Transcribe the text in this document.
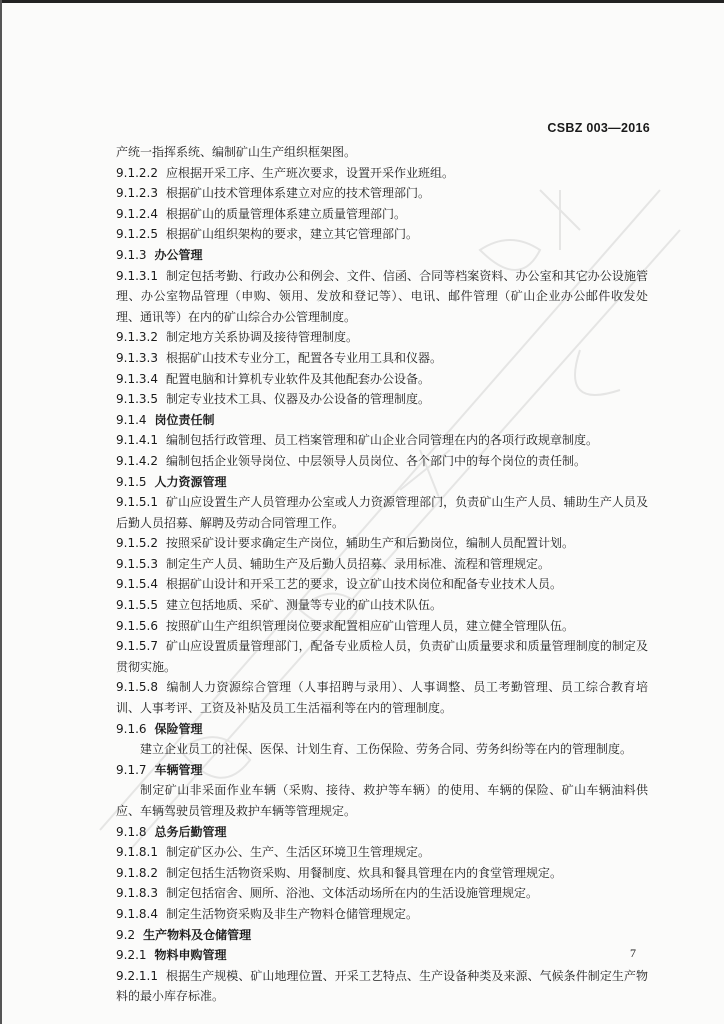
CSBZ 003—2016

产统一指挥系统、编制矿山生产组织框架图。

9.1.2.2 应根据开采工序、生产班次要求，设置开采作业班组。

9.1.2.3 根据矿山技术管理体系建立对应的技术管理部门。

9.1.2.4 根据矿山的质量管理体系建立质量管理部门。

9.1.2.5 根据矿山组织架构的要求，建立其它管理部门。

9.1.3 办公管理

9.1.3.1 制定包括考勤、行政办公和例会、文件、信函、合同等档案资料、办公室和其它办公设施管理、办公室物品管理（申购、领用、发放和登记等）、电讯、邮件管理（矿山企业办公邮件收发处理、通讯等）在内的矿山综合办公管理制度。

9.1.3.2 制定地方关系协调及接待管理制度。

9.1.3.3 根据矿山技术专业分工，配置各专业用工具和仪器。

9.1.3.4 配置电脑和计算机专业软件及其他配套办公设备。

9.1.3.5 制定专业技术工具、仪器及办公设备的管理制度。

9.1.4 岗位责任制

9.1.4.1 编制包括行政管理、员工档案管理和矿山企业合同管理在内的各项行政规章制度。

9.1.4.2 编制包括企业领导岗位、中层领导人员岗位、各个部门中的每个岗位的责任制。

9.1.5 人力资源管理

9.1.5.1 矿山应设置生产人员管理办公室或人力资源管理部门，负责矿山生产人员、辅助生产人员及后勤人员招募、解聘及劳动合同管理工作。

9.1.5.2 按照采矿设计要求确定生产岗位，辅助生产和后勤岗位，编制人员配置计划。

9.1.5.3 制定生产人员、辅助生产及后勤人员招募、录用标准、流程和管理规定。

9.1.5.4 根据矿山设计和开采工艺的要求，设立矿山技术岗位和配备专业技术人员。

9.1.5.5 建立包括地质、采矿、测量等专业的矿山技术队伍。

9.1.5.6 按照矿山生产组织管理岗位要求配置相应矿山管理人员，建立健全管理队伍。

9.1.5.7 矿山应设置质量管理部门，配备专业质检人员，负责矿山质量要求和质量管理制度的制定及贯彻实施。

9.1.5.8 编制人力资源综合管理（人事招聘与录用）、人事调整、员工考勤管理、员工综合教育培训、人事考评、工资及补贴及员工生活福利等在内的管理制度。

9.1.6 保险管理

建立企业员工的社保、医保、计划生育、工伤保险、劳务合同、劳务纠纷等在内的管理制度。

9.1.7 车辆管理

制定矿山非采面作业车辆（采购、接待、救护等车辆）的使用、车辆的保险、矿山车辆油料供应、车辆驾驶员管理及救护车辆等管理规定。

9.1.8 总务后勤管理

9.1.8.1 制定矿区办公、生产、生活区环境卫生管理规定。

9.1.8.2 制定包括生活物资采购、用餐制度、炊具和餐具管理在内的食堂管理规定。

9.1.8.3 制定包括宿舍、厕所、浴池、文体活动场所在内的生活设施管理规定。

9.1.8.4 制定生活物资采购及非生产物料仓储管理规定。

9.2 生产物料及仓储管理

9.2.1 物料申购管理

9.2.1.1 根据生产规模、矿山地理位置、开采工艺特点、生产设备种类及来源、气候条件制定生产物料的最小库存标准。

7
